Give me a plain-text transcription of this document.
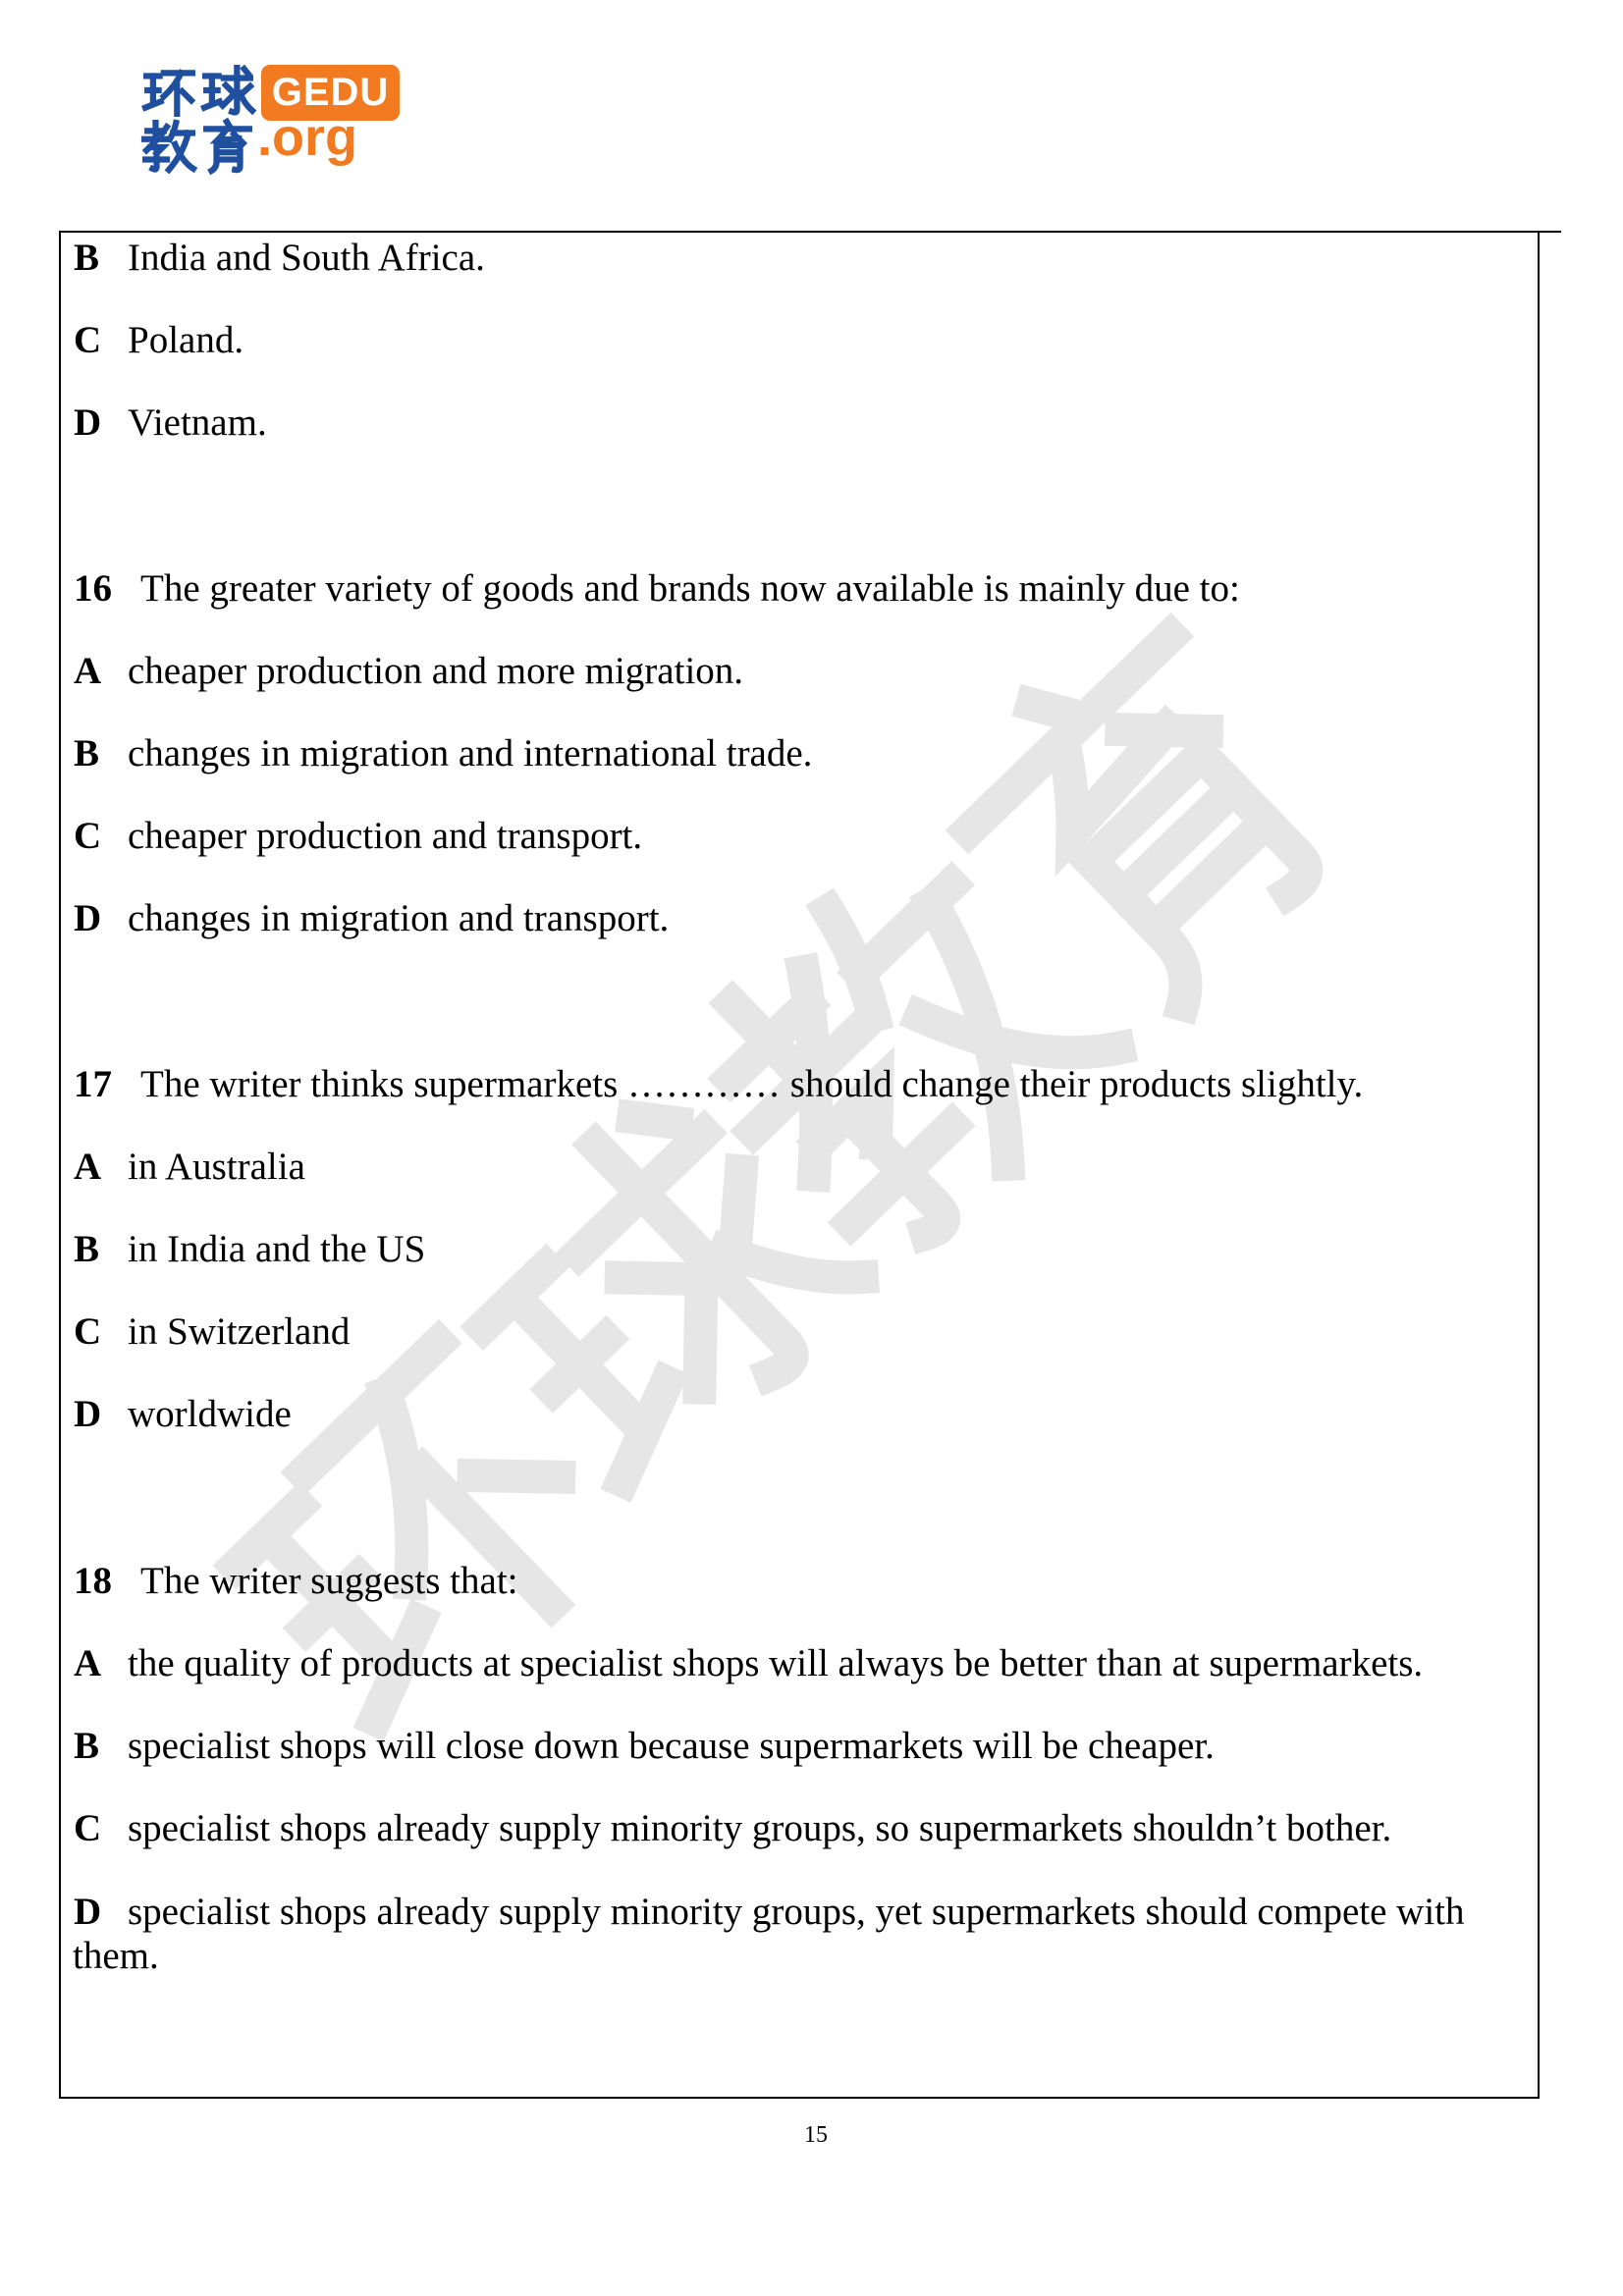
GEDU
.org
B India and South Africa.
C Poland.
D Vietnam.
16 The greater variety of goods and brands now available is mainly due to:
A cheaper production and more migration.
B changes in migration and international trade.
C cheaper production and transport.
D changes in migration and transport.
17 The writer thinks supermarkets ………… should change their products slightly.
A in Australia
B in India and the US
C in Switzerland
D worldwide
18 The writer suggests that:
A the quality of products at specialist shops will always be better than at supermarkets.
B specialist shops will close down because supermarkets will be cheaper.
C specialist shops already supply minority groups, so supermarkets shouldn’t bother.
D specialist shops already supply minority groups, yet supermarkets should compete with
them.
15
